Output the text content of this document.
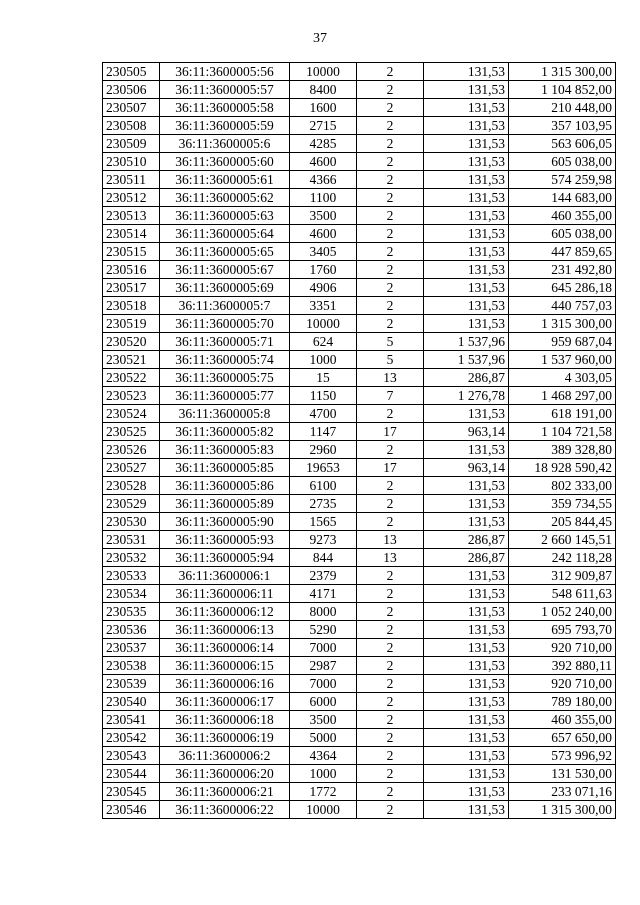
37
230505	36:11:3600005:56	10000	2	131,53	1 315 300,00
230506	36:11:3600005:57	8400	2	131,53	1 104 852,00
230507	36:11:3600005:58	1600	2	131,53	210 448,00
230508	36:11:3600005:59	2715	2	131,53	357 103,95
230509	36:11:3600005:6	4285	2	131,53	563 606,05
230510	36:11:3600005:60	4600	2	131,53	605 038,00
230511	36:11:3600005:61	4366	2	131,53	574 259,98
230512	36:11:3600005:62	1100	2	131,53	144 683,00
230513	36:11:3600005:63	3500	2	131,53	460 355,00
230514	36:11:3600005:64	4600	2	131,53	605 038,00
230515	36:11:3600005:65	3405	2	131,53	447 859,65
230516	36:11:3600005:67	1760	2	131,53	231 492,80
230517	36:11:3600005:69	4906	2	131,53	645 286,18
230518	36:11:3600005:7	3351	2	131,53	440 757,03
230519	36:11:3600005:70	10000	2	131,53	1 315 300,00
230520	36:11:3600005:71	624	5	1 537,96	959 687,04
230521	36:11:3600005:74	1000	5	1 537,96	1 537 960,00
230522	36:11:3600005:75	15	13	286,87	4 303,05
230523	36:11:3600005:77	1150	7	1 276,78	1 468 297,00
230524	36:11:3600005:8	4700	2	131,53	618 191,00
230525	36:11:3600005:82	1147	17	963,14	1 104 721,58
230526	36:11:3600005:83	2960	2	131,53	389 328,80
230527	36:11:3600005:85	19653	17	963,14	18 928 590,42
230528	36:11:3600005:86	6100	2	131,53	802 333,00
230529	36:11:3600005:89	2735	2	131,53	359 734,55
230530	36:11:3600005:90	1565	2	131,53	205 844,45
230531	36:11:3600005:93	9273	13	286,87	2 660 145,51
230532	36:11:3600005:94	844	13	286,87	242 118,28
230533	36:11:3600006:1	2379	2	131,53	312 909,87
230534	36:11:3600006:11	4171	2	131,53	548 611,63
230535	36:11:3600006:12	8000	2	131,53	1 052 240,00
230536	36:11:3600006:13	5290	2	131,53	695 793,70
230537	36:11:3600006:14	7000	2	131,53	920 710,00
230538	36:11:3600006:15	2987	2	131,53	392 880,11
230539	36:11:3600006:16	7000	2	131,53	920 710,00
230540	36:11:3600006:17	6000	2	131,53	789 180,00
230541	36:11:3600006:18	3500	2	131,53	460 355,00
230542	36:11:3600006:19	5000	2	131,53	657 650,00
230543	36:11:3600006:2	4364	2	131,53	573 996,92
230544	36:11:3600006:20	1000	2	131,53	131 530,00
230545	36:11:3600006:21	1772	2	131,53	233 071,16
230546	36:11:3600006:22	10000	2	131,53	1 315 300,00
